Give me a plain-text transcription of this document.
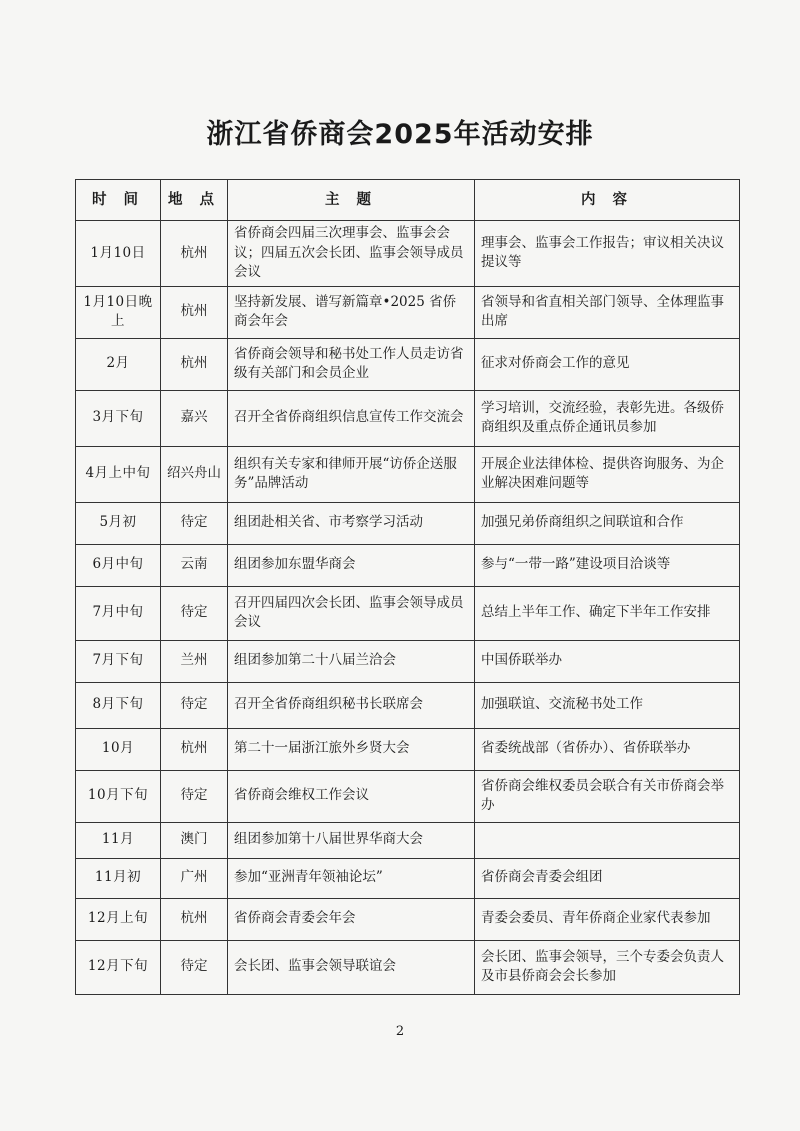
浙江省侨商会2025年活动安排
时 间	地 点	主 题	内 容
1月10日	杭州	省侨商会四届三次理事会、监事会会议；四届五次会长团、监事会领导成员会议	理事会、监事会工作报告；审议相关决议提议等
1月10日晚上	杭州	坚持新发展、谱写新篇章•2025 省侨商会年会	省领导和省直相关部门领导、全体理监事出席
2月	杭州	省侨商会领导和秘书处工作人员走访省级有关部门和会员企业	征求对侨商会工作的意见
3月下旬	嘉兴	召开全省侨商组织信息宣传工作交流会	学习培训，交流经验，表彰先进。各级侨商组织及重点侨企通讯员参加
4月上中旬	绍兴舟山	组织有关专家和律师开展“访侨企送服务”品牌活动	开展企业法律体检、提供咨询服务、为企业解决困难问题等
5月初	待定	组团赴相关省、市考察学习活动	加强兄弟侨商组织之间联谊和合作
6月中旬	云南	组团参加东盟华商会	参与“一带一路”建设项目洽谈等
7月中旬	待定	召开四届四次会长团、监事会领导成员会议	总结上半年工作、确定下半年工作安排
7月下旬	兰州	组团参加第二十八届兰洽会	中国侨联举办
8月下旬	待定	召开全省侨商组织秘书长联席会	加强联谊、交流秘书处工作
10月	杭州	第二十一届浙江旅外乡贤大会	省委统战部（省侨办）、省侨联举办
10月下旬	待定	省侨商会维权工作会议	省侨商会维权委员会联合有关市侨商会举办
11月	澳门	组团参加第十八届世界华商大会	
11月初	广州	参加“亚洲青年领袖论坛”	省侨商会青委会组团
12月上旬	杭州	省侨商会青委会年会	青委会委员、青年侨商企业家代表参加
12月下旬	待定	会长团、监事会领导联谊会	会长团、监事会领导，三个专委会负责人及市县侨商会会长参加
2
